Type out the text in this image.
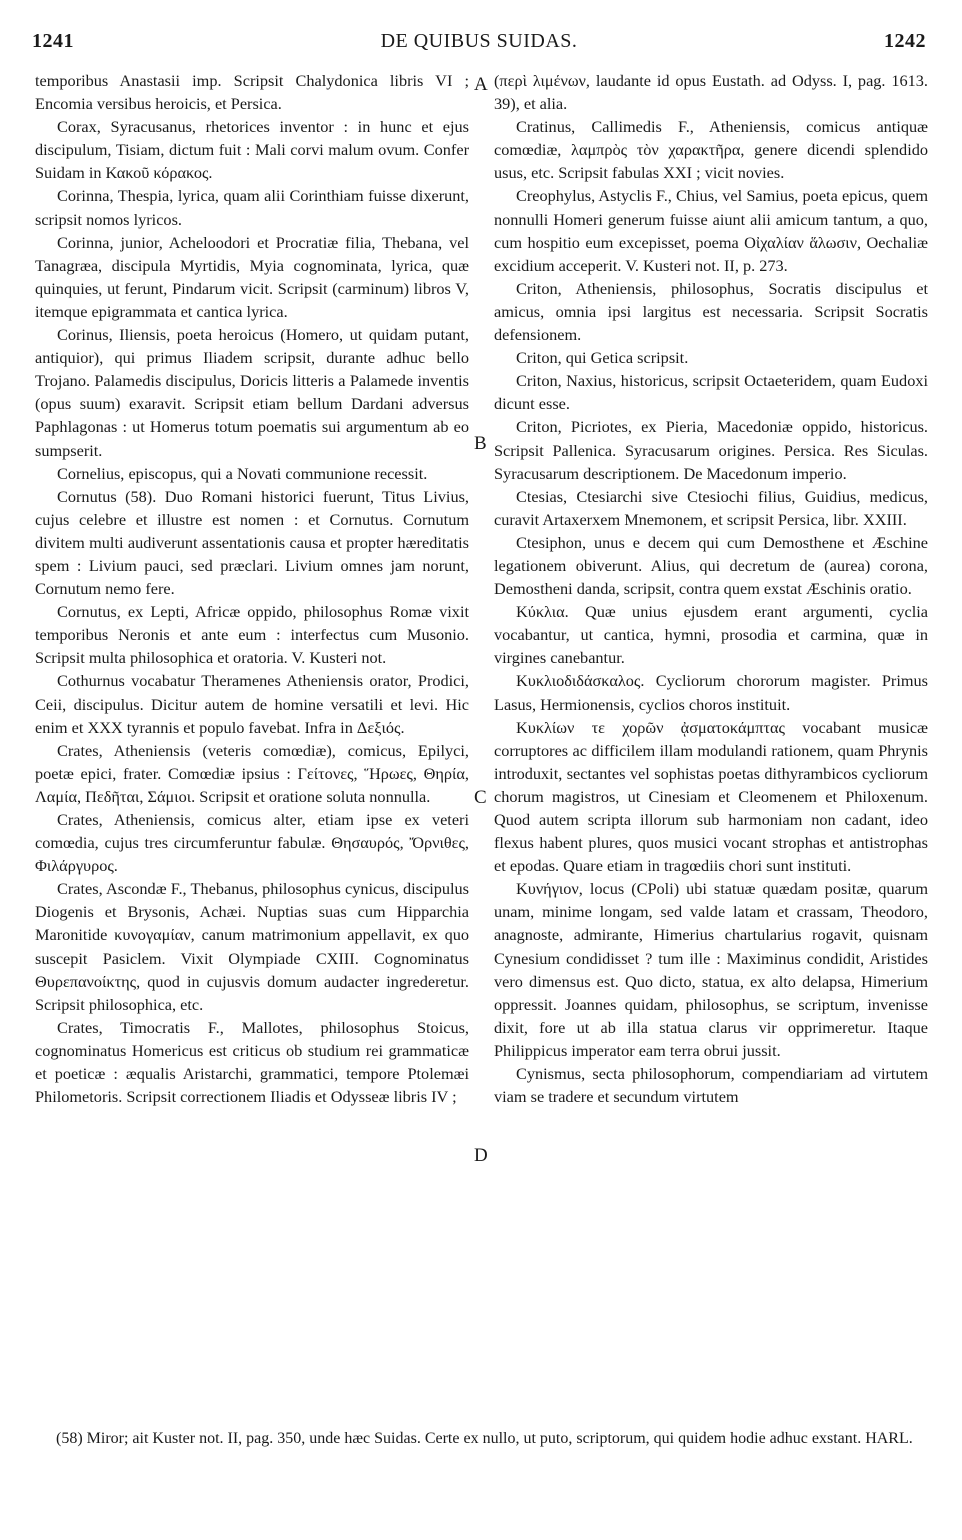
1241	DE QUIBUS SUIDAS.	1242

temporibus Anastasii imp. Scripsit Chalydonica libris VI ; Encomia versibus heroicis, et Persica.

Corax, Syracusanus, rhetorices inventor : in hunc et ejus discipulum, Tisiam, dictum fuit : Mali corvi malum ovum. Confer Suidam in Κακοῦ κόρακος.

Corinna, Thespia, lyrica, quam alii Corinthiam fuisse dixerunt, scripsit nomos lyricos.

Corinna, junior, Acheloodori et Procratiæ filia, Thebana, vel Tanagræa, discipula Myrtidis, Myia cognominata, lyrica, quæ quinquies, ut ferunt, Pindarum vicit. Scripsit (carminum) libros V, itemque epigrammata et cantica lyrica.

Corinus, Iliensis, poeta heroicus (Homero, ut quidam putant, antiquior), qui primus Iliadem scripsit, durante adhuc bello Trojano. Palamedis discipulus, Doricis litteris a Palamede inventis (opus suum) exaravit. Scripsit etiam bellum Dardani adversus Paphlagonas : ut Homerus totum poematis sui argumentum ab eo sumpserit.

Cornelius, episcopus, qui a Novati communione recessit.

Cornutus (58). Duo Romani historici fuerunt, Titus Livius, cujus celebre et illustre est nomen : et Cornutus. Cornutum divitem multi audiverunt assentationis causa et propter hæreditatis spem : Livium pauci, sed præclari. Livium omnes jam norunt, Cornutum nemo fere.

Cornutus, ex Lepti, Africæ oppido, philosophus Romæ vixit temporibus Neronis et ante eum : interfectus cum Musonio. Scripsit multa philosophica et oratoria. V. Kusteri not.

Cothurnus vocabatur Theramenes Atheniensis orator, Prodici, Ceii, discipulus. Dicitur autem de homine versatili et levi. Hic enim et XXX tyrannis et populo favebat. Infra in Δεξιός.

Crates, Atheniensis (veteris comœdiæ), comicus, Epilyci, poetæ epici, frater. Comœdiæ ipsius : Γείτονες, Ἥρωες, Θηρία, Λαμία, Πεδῆται, Σάμιοι. Scripsit et oratione soluta nonnulla.

Crates, Atheniensis, comicus alter, etiam ipse ex veteri comœdia, cujus tres circumferuntur fabulæ. Θησαυρός, Ὄρνιθες, Φιλάργυρος.

Crates, Ascondæ F., Thebanus, philosophus cynicus, discipulus Diogenis et Brysonis, Achæi. Nuptias suas cum Hipparchia Maronitide κυνογαμίαν, canum matrimonium appellavit, ex quo suscepit Pasiclem. Vixit Olympiade CXIII. Cognominatus Θυρεπανοίκτης, quod in cujusvis domum audacter ingrederetur. Scripsit philosophica, etc.

Crates, Timocratis F., Mallotes, philosophus Stoicus, cognominatus Homericus est criticus ob studium rei grammaticæ et poeticæ : æqualis Aristarchi, grammatici, tempore Ptolemæi Philometoris. Scripsit correctionem Iliadis et Odysseæ libris IV ;

A
B
C
D

(περὶ λιμένων, laudante id opus Eustath. ad Odyss. I, pag. 1613. 39), et alia.

Cratinus, Callimedis F., Atheniensis, comicus antiquæ comœdiæ, λαμπρὸς τὸν χαρακτῆρα, genere dicendi splendido usus, etc. Scripsit fabulas XXI ; vicit novies.

Creophylus, Astyclis F., Chius, vel Samius, poeta epicus, quem nonnulli Homeri generum fuisse aiunt alii amicum tantum, a quo, cum hospitio eum excepisset, poema Οἰχαλίαν ἅλωσιν, Oechaliæ excidium acceperit. V. Kusteri not. II, p. 273.

Criton, Atheniensis, philosophus, Socratis discipulus et amicus, omnia ipsi largitus est necessaria. Scripsit Socratis defensionem.

Criton, qui Getica scripsit.

Criton, Naxius, historicus, scripsit Octaeteridem, quam Eudoxi dicunt esse.

Criton, Picriotes, ex Pieria, Macedoniæ oppido, historicus. Scripsit Pallenica. Syracusarum origines. Persica. Res Siculas. Syracusarum descriptionem. De Macedonum imperio.

Ctesias, Ctesiarchi sive Ctesiochi filius, Guidius, medicus, curavit Artaxerxem Mnemonem, et scripsit Persica, libr. XXIII.

Ctesiphon, unus e decem qui cum Demosthene et Æschine legationem obiverunt. Alius, qui decretum de (aurea) corona, Demostheni danda, scripsit, contra quem exstat Æschinis oratio.

Κύκλια. Quæ unius ejusdem erant argumenti, cyclia vocabantur, ut cantica, hymni, prosodia et carmina, quæ in virgines canebantur.

Κυκλιοδιδάσκαλος. Cycliorum chororum magister. Primus Lasus, Hermionensis, cyclios choros instituit.

Κυκλίων τε χορῶν ᾀσματοκάμπτας vocabant musicæ corruptores ac difficilem illam modulandi rationem, quam Phrynis introduxit, sectantes vel sophistas poetas dithyrambicos cycliorum chorum magistros, ut Cinesiam et Cleomenem et Philoxenum. Quod autem scripta illorum sub harmoniam non cadant, ideo flexus habent plures, quos musici vocant strophas et antistrophas et epodas. Quare etiam in tragœdiis chori sunt instituti.

Κυνήγιον, locus (CPoli) ubi statuæ quædam positæ, quarum unam, minime longam, sed valde latam et crassam, Theodoro, anagnoste, admirante, Himerius chartularius rogavit, quisnam Cynesium condidisset ? tum ille : Maximinus condidit, Aristides vero dimensus est. Quo dicto, statua, ex alto delapsa, Himerium oppressit. Joannes quidam, philosophus, se scriptum, invenisse dixit, fore ut ab illa statua clarus vir opprimeretur. Itaque Philippicus imperator eam terra obrui jussit.

Cynismus, secta philosophorum, compendiariam ad virtutem viam se tradere et secundum virtutem

(58) Miror; ait Kuster not. II, pag. 350, unde hæc Suidas. Certe ex nullo, ut puto, scriptorum, qui quidem hodie adhuc exstant. HARL.
